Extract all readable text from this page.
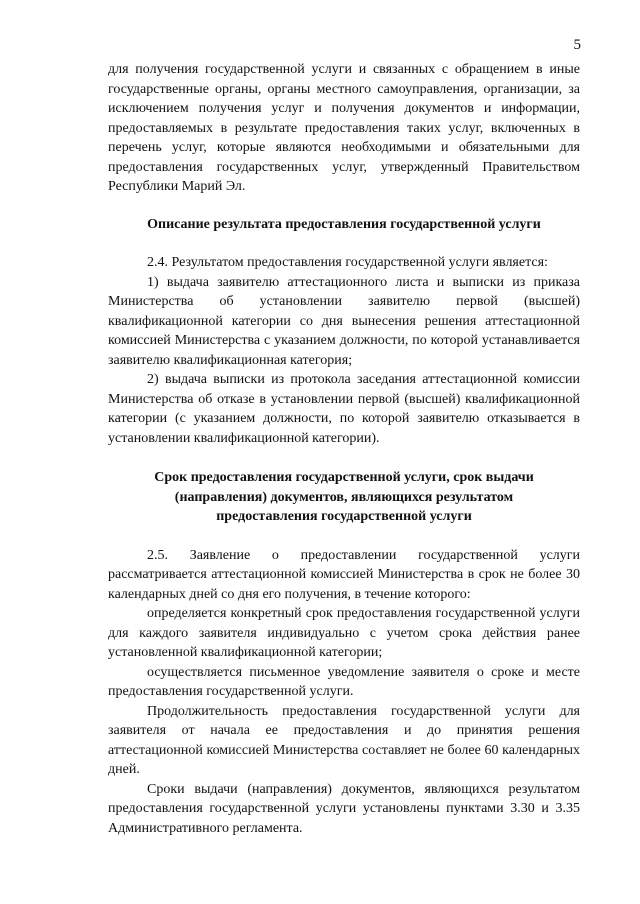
5

для получения государственной услуги и связанных с обращением в иные государственные органы, органы местного самоуправления, организации, за исключением получения услуг и получения документов и информации, предоставляемых в результате предоставления таких услуг, включенных в перечень услуг, которые являются необходимыми и обязательными для предоставления государственных услуг, утвержденный Правительством Республики Марий Эл.

Описание результата предоставления государственной услуги

2.4. Результатом предоставления государственной услуги является:

1) выдача заявителю аттестационного листа и выписки из приказа Министерства об установлении заявителю первой (высшей) квалификационной категории со дня вынесения решения аттестационной комиссией Министерства с указанием должности, по которой устанавливается заявителю квалификационная категория;

2) выдача выписки из протокола заседания аттестационной комиссии Министерства об отказе в установлении первой (высшей) квалификационной категории (с указанием должности, по которой заявителю отказывается в установлении квалификационной категории).

Срок предоставления государственной услуги, срок выдачи
(направления) документов, являющихся результатом
предоставления государственной услуги

2.5. Заявление о предоставлении государственной услуги рассматривается аттестационной комиссией Министерства в срок не более 30 календарных дней со дня его получения, в течение которого:

определяется конкретный срок предоставления государственной услуги для каждого заявителя индивидуально с учетом срока действия ранее установленной квалификационной категории;

осуществляется письменное уведомление заявителя о сроке и месте предоставления государственной услуги.

Продолжительность предоставления государственной услуги для заявителя от начала ее предоставления и до принятия решения аттестационной комиссией Министерства составляет не более 60 календарных дней.

Сроки выдачи (направления) документов, являющихся результатом предоставления государственной услуги установлены пунктами 3.30 и 3.35 Административного регламента.
